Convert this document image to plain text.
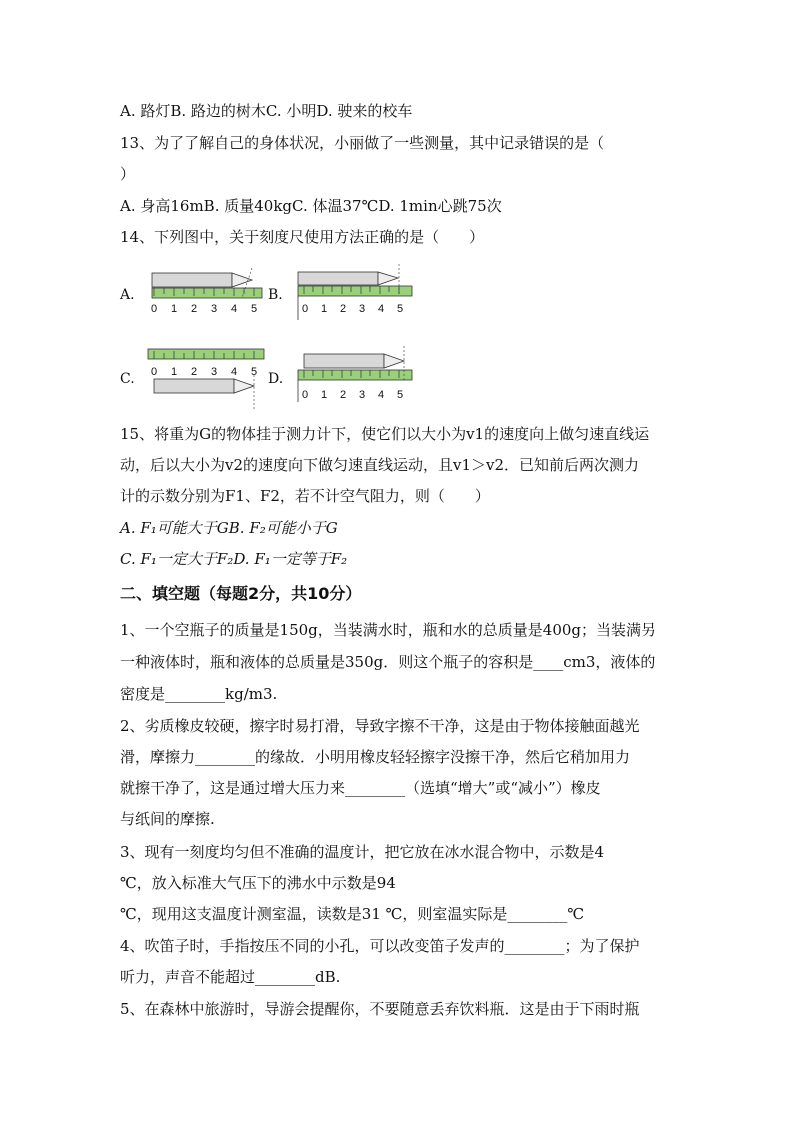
A. 路灯B. 路边的树木C. 小明D. 驶来的校车
13、为了了解自己的身体状况，小丽做了一些测量，其中记录错误的是（
）
A. 身高16mB. 质量40kgC. 体温37℃D. 1min心跳75次
14、下列图中，关于刻度尺使用方法正确的是（　　）
A.
0 1 2 3 4 5
B.
0 1 2 3 4 5
C. 0 1 2 3 4 5 D.
0 1 2 3 4 5
15、将重为G的物体挂于测力计下，使它们以大小为v1的速度向上做匀速直线运
动，后以大小为v2的速度向下做匀速直线运动，且v1＞v2．已知前后两次测力
计的示数分别为F1、F2，若不计空气阻力，则（　　）
A. F₁可能大于GB. F₂可能小于G
C. F₁一定大于F₂D. F₁一定等于F₂
二、填空题（每题2分，共10分）
1、一个空瓶子的质量是150g，当装满水时，瓶和水的总质量是400g；当装满另
一种液体时，瓶和液体的总质量是350g．则这个瓶子的容积是____cm3，液体的
密度是________kg/m3.
2、劣质橡皮较硬，擦字时易打滑，导致字擦不干净，这是由于物体接触面越光
滑，摩擦力________的缘故．小明用橡皮轻轻擦字没擦干净，然后它稍加用力
就擦干净了，这是通过增大压力来________（选填“增大”或“减小”）橡皮
与纸间的摩擦.
3、现有一刻度均匀但不准确的温度计，把它放在冰水混合物中，示数是4
℃，放入标准大气压下的沸水中示数是94
℃，现用这支温度计测室温，读数是31 ℃，则室温实际是________℃
4、吹笛子时，手指按压不同的小孔，可以改变笛子发声的________；为了保护
听力，声音不能超过________dB.
5、在森林中旅游时，导游会提醒你，不要随意丢弃饮料瓶．这是由于下雨时瓶
